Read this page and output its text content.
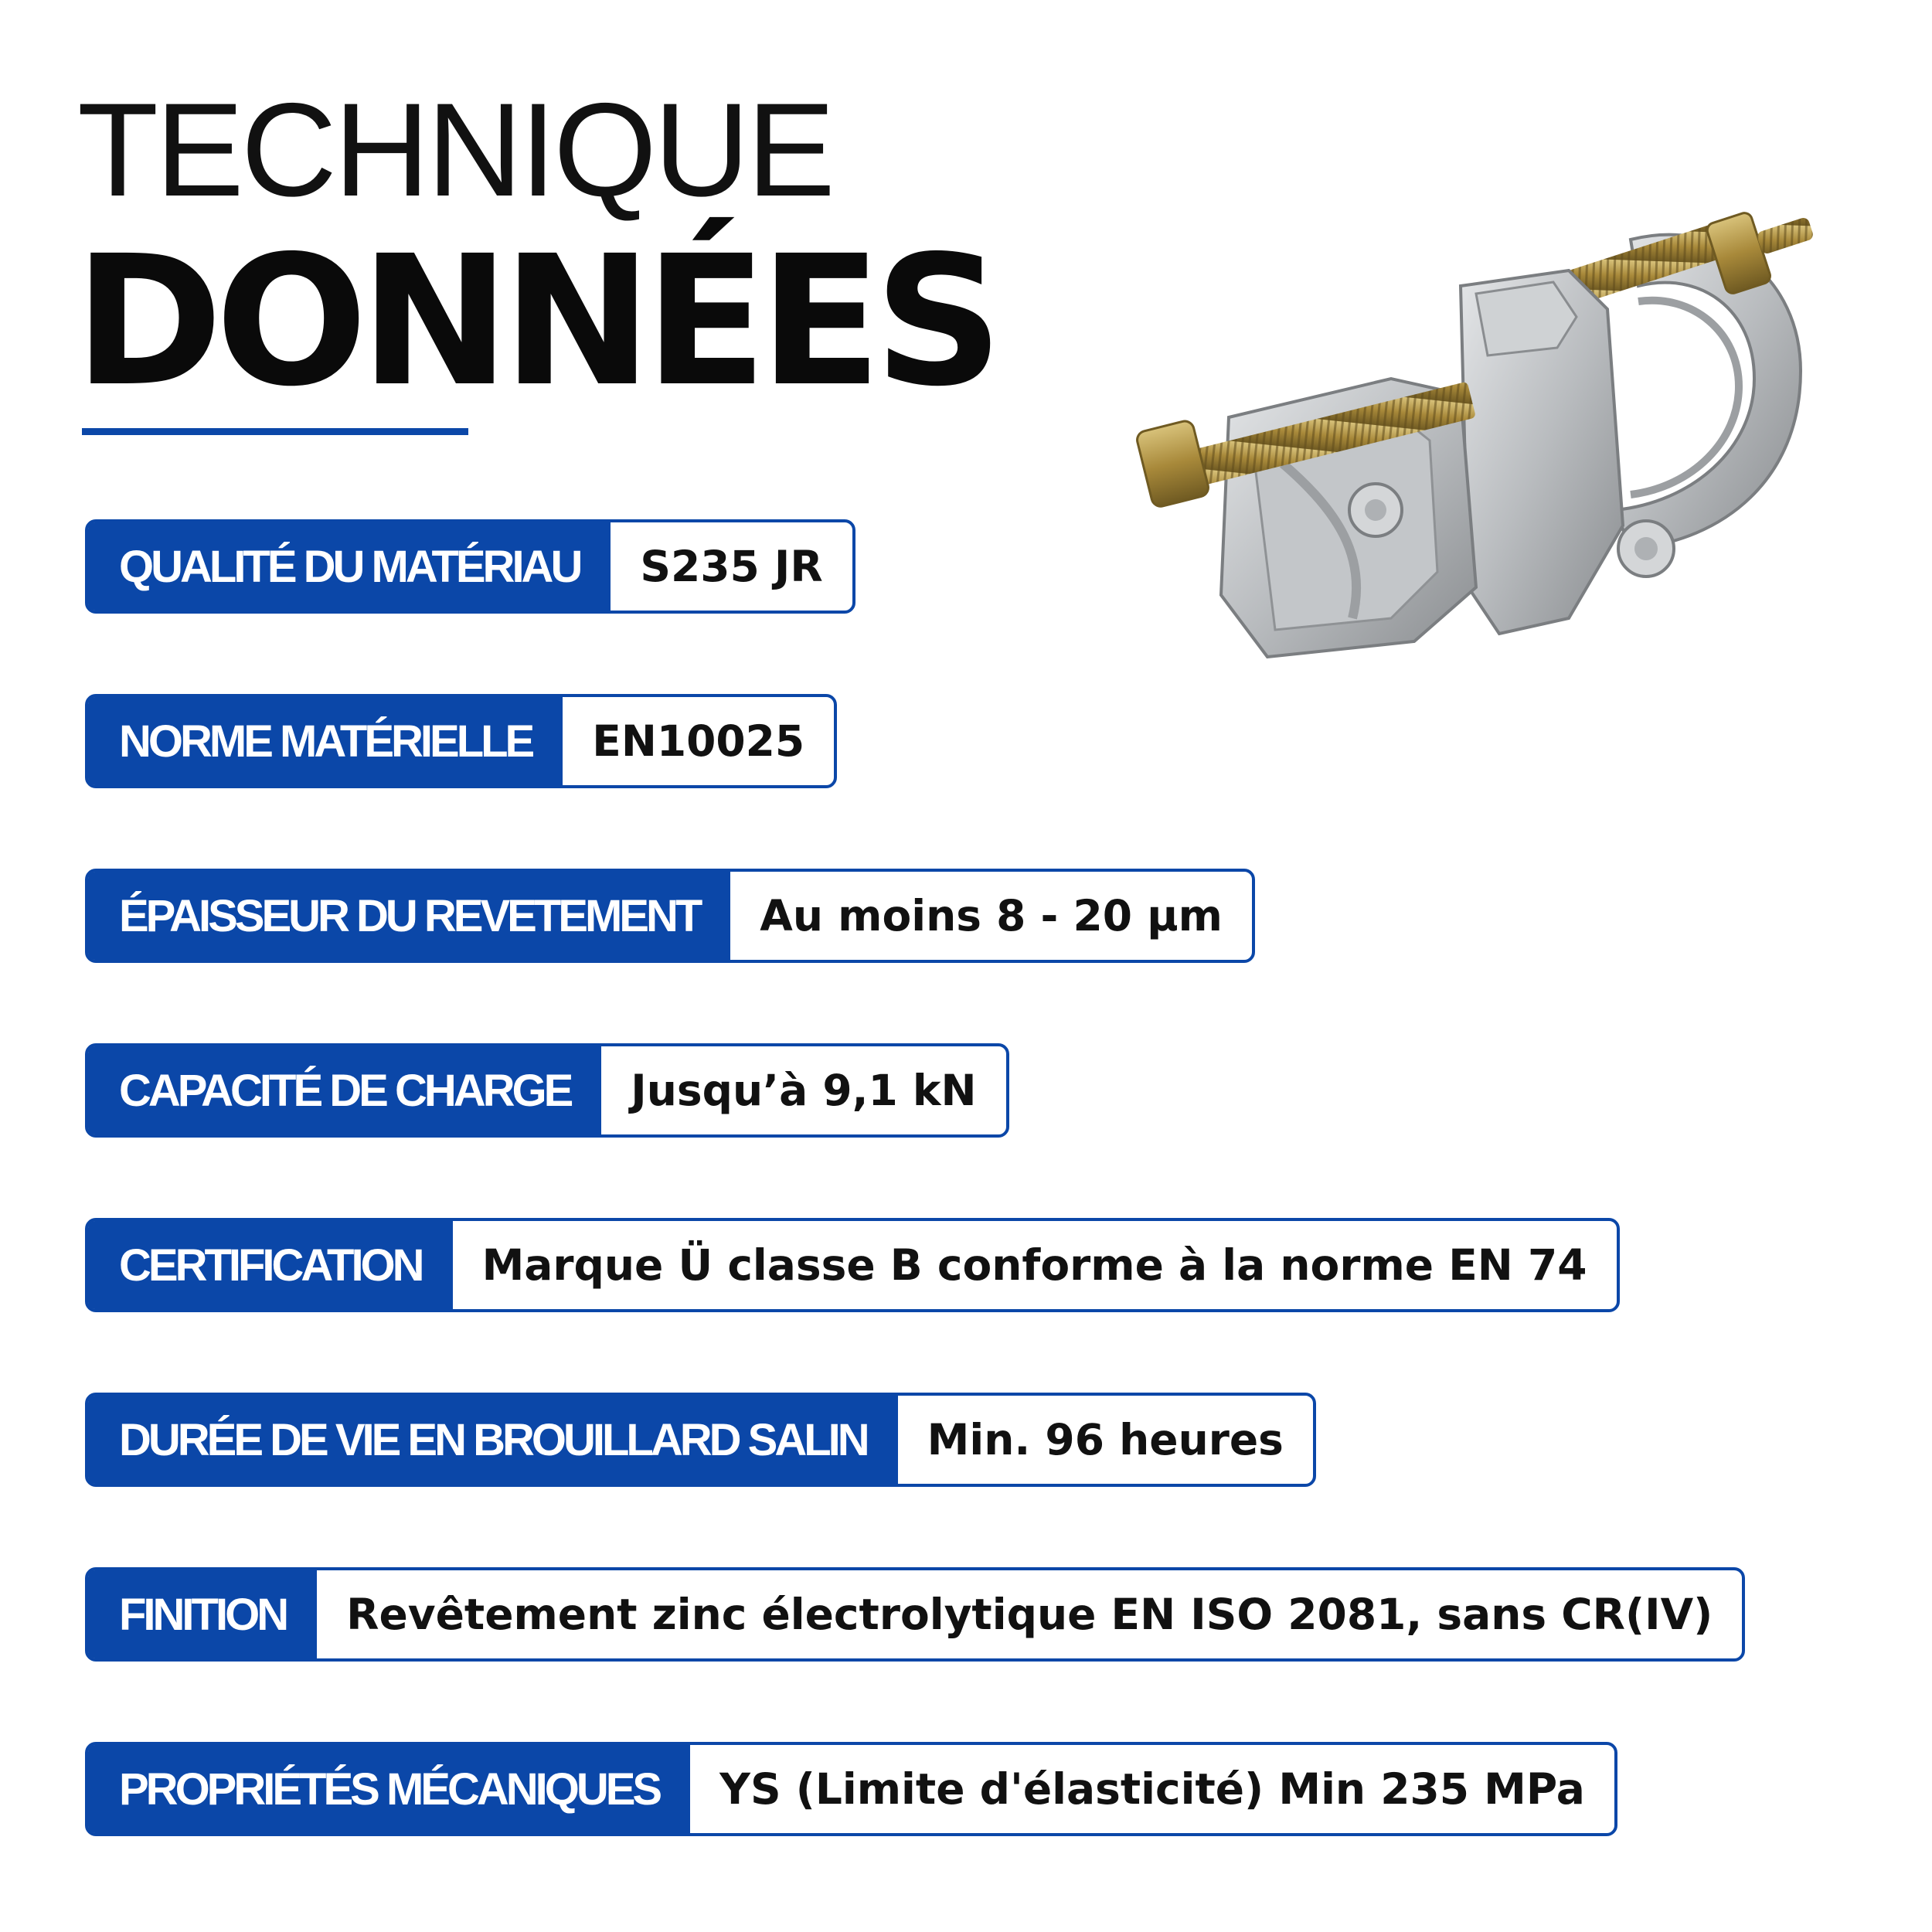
TECHNIQUE
DONNÉES
QUALITÉ DU MATÉRIAU	S235 JR
NORME MATÉRIELLE	EN10025
ÉPAISSEUR DU REVETEMENT	Au moins 8 - 20 µm
CAPACITÉ DE CHARGE	Jusqu’à 9,1 kN
CERTIFICATION	Marque Ü classe B conforme à la norme EN 74
DURÉE DE VIE EN BROUILLARD SALIN	Min. 96 heures
FINITION	Revêtement zinc électrolytique EN ISO 2081, sans CR(IV)
PROPRIÉTÉS MÉCANIQUES	YS (Limite d'élasticité) Min 235 MPa
